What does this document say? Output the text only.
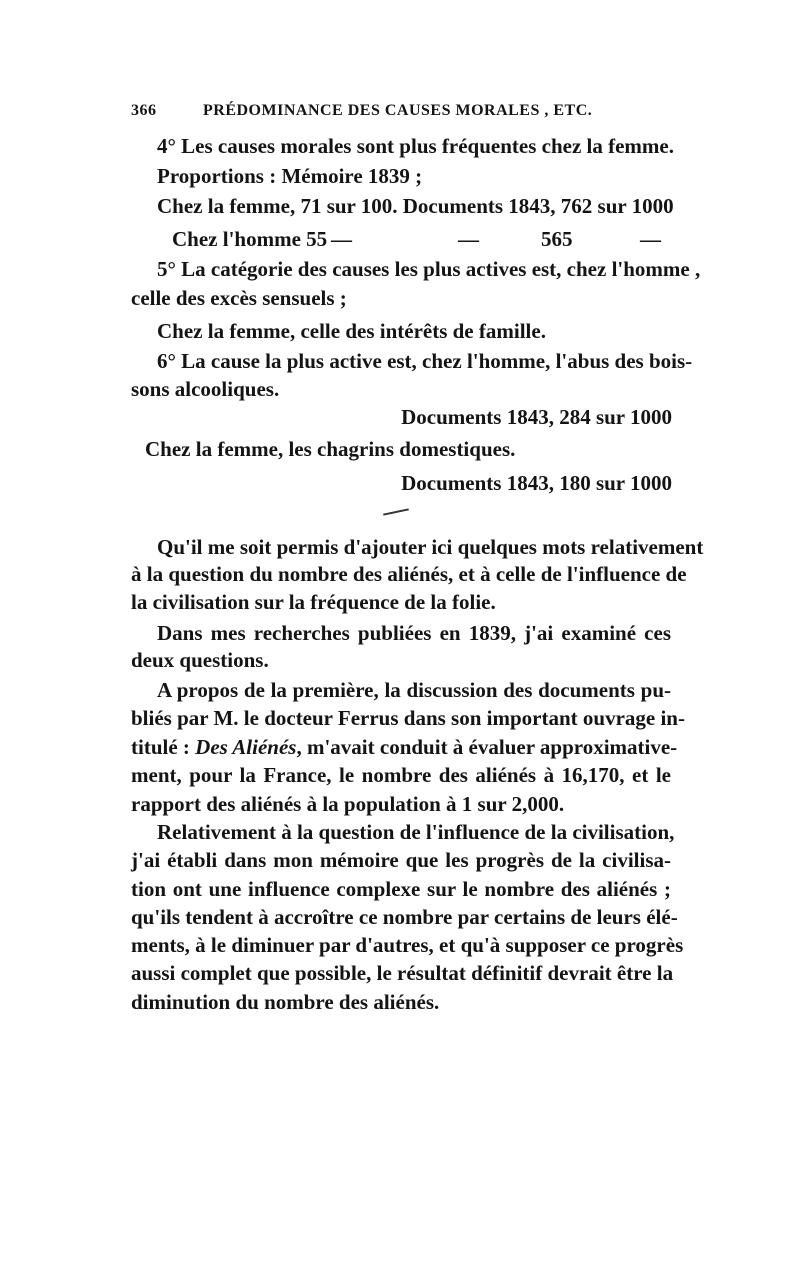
366	PRÉDOMINANCE DES CAUSES MORALES , ETC.
4° Les causes morales sont plus fréquentes chez la femme.
Proportions : Mémoire 1839 ;
Chez la femme, 71 sur 100. Documents 1843, 762 sur 1000
Chez l'homme 55 —	—	565	—
5° La catégorie des causes les plus actives est, chez l'homme ,
celle des excès sensuels ;
Chez la femme, celle des intérêts de famille.
6° La cause la plus active est, chez l'homme, l'abus des bois-
sons alcooliques.
Documents 1843, 284 sur 1000
Chez la femme, les chagrins domestiques.
Documents 1843, 180 sur 1000
Qu'il me soit permis d'ajouter ici quelques mots relativement
à la question du nombre des aliénés, et à celle de l'influence de
la civilisation sur la fréquence de la folie.
Dans mes recherches publiées en 1839, j'ai examiné ces
deux questions.
A propos de la première, la discussion des documents pu-
bliés par M. le docteur Ferrus dans son important ouvrage in-
titulé : Des Aliénés, m'avait conduit à évaluer approximative-
ment, pour la France, le nombre des aliénés à 16,170, et le
rapport des aliénés à la population à 1 sur 2,000.
Relativement à la question de l'influence de la civilisation,
j'ai établi dans mon mémoire que les progrès de la civilisa-
tion ont une influence complexe sur le nombre des aliénés ;
qu'ils tendent à accroître ce nombre par certains de leurs élé-
ments, à le diminuer par d'autres, et qu'à supposer ce progrès
aussi complet que possible, le résultat définitif devrait être la
diminution du nombre des aliénés.
